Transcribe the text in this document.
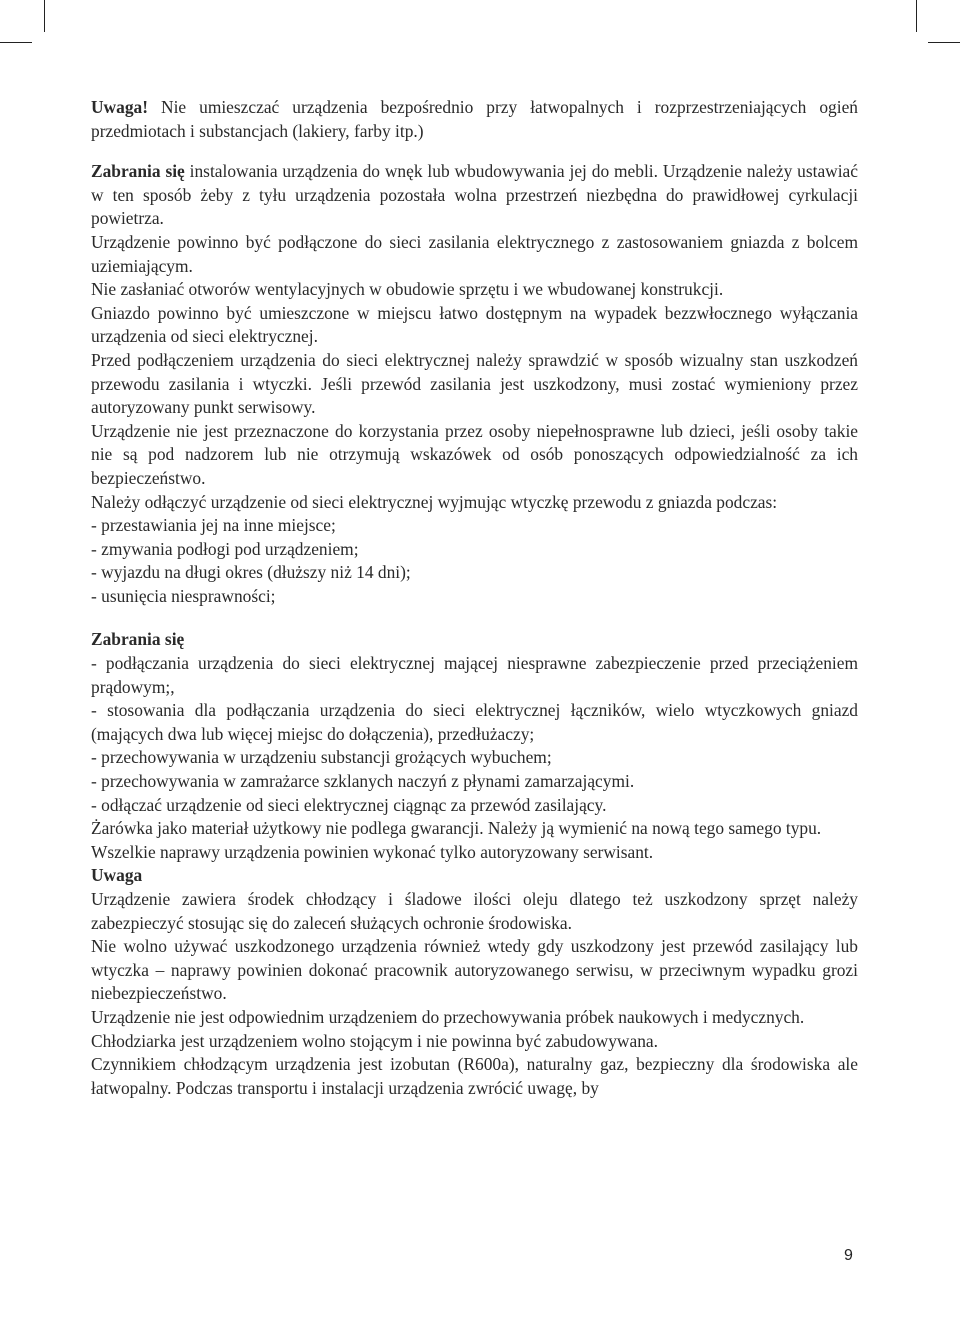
Uwaga! Nie umieszczać urządzenia bezpośrednio przy łatwopalnych i rozprzestrzeniających ogień przedmiotach i substancjach (lakiery, farby itp.)

Zabrania się instalowania urządzenia do wnęk lub wbudowywania jej do mebli. Urządzenie należy ustawiać w ten sposób żeby z tyłu urządzenia pozostała wolna przestrzeń niezbędna do prawidłowej cyrkulacji powietrza.

Urządzenie powinno być podłączone do sieci zasilania elektrycznego z zastosowaniem gniazda z bolcem uziemiającym.

Nie zasłaniać otworów wentylacyjnych w obudowie sprzętu i we wbudowanej konstrukcji.

Gniazdo powinno być umieszczone w miejscu łatwo dostępnym na wypadek bezzwłocznego wyłączania urządzenia od sieci elektrycznej.

Przed podłączeniem urządzenia do sieci elektrycznej należy sprawdzić w sposób wizualny stan uszkodzeń przewodu zasilania i wtyczki. Jeśli przewód zasilania jest uszkodzony, musi zostać wymieniony przez autoryzowany punkt serwisowy.

Urządzenie nie jest przeznaczone do korzystania przez osoby niepełnosprawne lub dzieci, jeśli osoby takie nie są pod nadzorem lub nie otrzymują wskazówek od osób ponoszących odpowiedzialność za ich bezpieczeństwo.

Należy odłączyć urządzenie od sieci elektrycznej wyjmując wtyczkę przewodu z gniazda podczas:

- przestawiania jej na inne miejsce;

- zmywania podłogi pod urządzeniem;

- wyjazdu na długi okres (dłuższy niż 14 dni);

- usunięcia niesprawności;

Zabrania się

- podłączania urządzenia do sieci elektrycznej mającej niesprawne zabezpieczenie przed przeciążeniem prądowym;,

- stosowania dla podłączania urządzenia do sieci elektrycznej łączników, wielo wtyczkowych gniazd (mających dwa lub więcej miejsc do dołączenia), przedłużaczy;

- przechowywania w urządzeniu substancji grożących wybuchem;

- przechowywania w zamrażarce szklanych naczyń z płynami zamarzającymi.

- odłączać urządzenie od sieci elektrycznej ciągnąc za przewód zasilający.

Żarówka jako materiał użytkowy nie podlega gwarancji. Należy ją wymienić na nową tego samego typu.

Wszelkie naprawy urządzenia powinien wykonać tylko autoryzowany serwisant.

Uwaga

Urządzenie zawiera środek chłodzący i śladowe ilości oleju dlatego też uszkodzony sprzęt należy zabezpieczyć stosując się do zaleceń służących ochronie środowiska.

Nie wolno używać uszkodzonego urządzenia również wtedy gdy uszkodzony jest przewód zasilający lub wtyczka – naprawy powinien dokonać pracownik autoryzowanego serwisu, w przeciwnym wypadku grozi niebezpieczeństwo.

Urządzenie nie jest odpowiednim urządzeniem do przechowywania próbek naukowych i medycznych.

Chłodziarka jest urządzeniem wolno stojącym i nie powinna być zabudowywana.

Czynnikiem chłodzącym urządzenia jest izobutan (R600a), naturalny gaz, bezpieczny dla środowiska ale łatwopalny. Podczas transportu i instalacji urządzenia zwrócić uwagę, by

9
